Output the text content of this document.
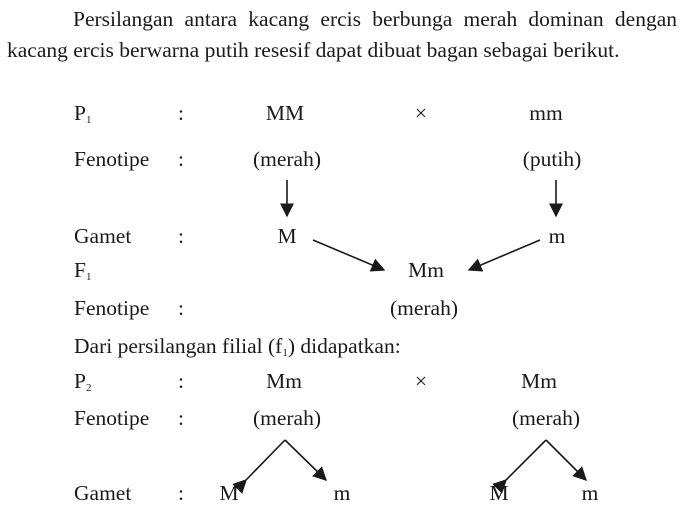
Persilangan antara kacang ercis berbunga merah dominan dengan kacang ercis berwarna putih resesif dapat dibuat bagan sebagai berikut.

$P_1$	:	MM	×	mm
Fenotipe :	(merah)	(putih)
Gamet :	M	m
$F_1$	Mm
Fenotipe :	(merah)
Dari persilangan filial $(f_1)$ didapatkan:
$P_2$	:	Mm	×	Mm
Fenotipe :	(merah)	(merah)
Gamet : M	m	M	m
